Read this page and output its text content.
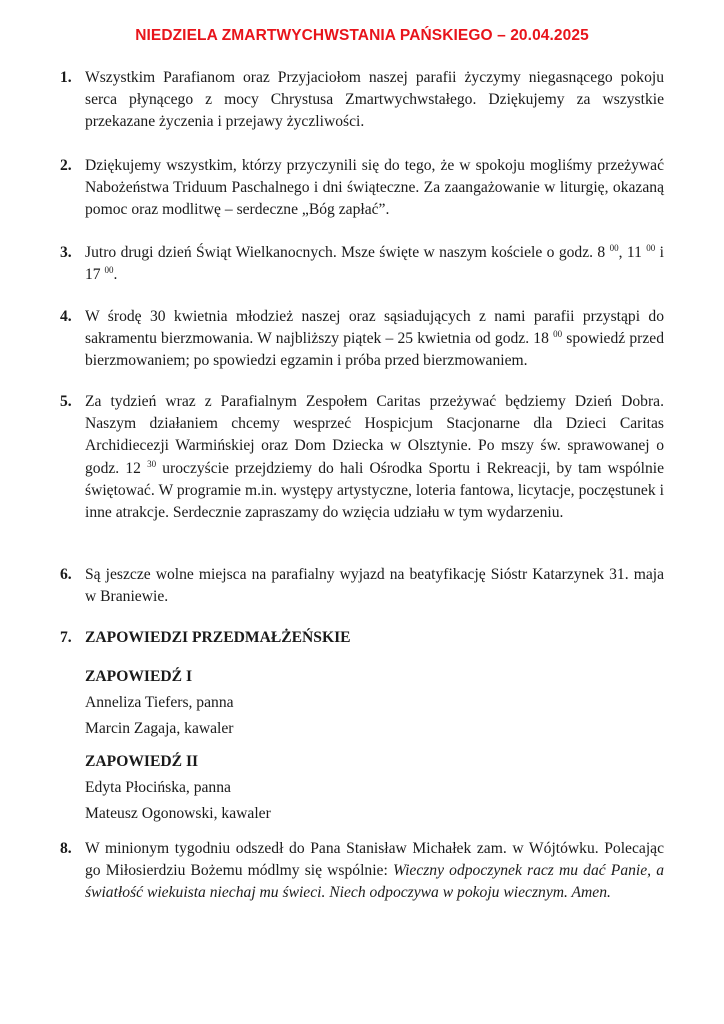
NIEDZIELA ZMARTWYCHWSTANIA PAŃSKIEGO – 20.04.2025
1. Wszystkim Parafianom oraz Przyjaciołom naszej parafii życzymy niegasnącego pokoju serca płynącego z mocy Chrystusa Zmartwychwstałego. Dziękujemy za wszystkie przekazane życzenia i przejawy życzliwości.
2. Dziękujemy wszystkim, którzy przyczynili się do tego, że w spokoju mogliśmy przeżywać Nabożeństwa Triduum Paschalnego i dni świąteczne. Za zaangażowanie w liturgię, okazaną pomoc oraz modlitwę – serdeczne „Bóg zapłać”.
3. Jutro drugi dzień Świąt Wielkanocnych. Msze święte w naszym kościele o godz. 8 $^{00}$, 11 $^{00}$ i 17 $^{00}$.
4. W środę 30 kwietnia młodzież naszej oraz sąsiadujących z nami parafii przystąpi do sakramentu bierzmowania. W najbliższy piątek – 25 kwietnia od godz. 18 $^{00}$ spowiedź przed bierzmowaniem; po spowiedzi egzamin i próba przed bierzmowaniem.
5. Za tydzień wraz z Parafialnym Zespołem Caritas przeżywać będziemy Dzień Dobra. Naszym działaniem chcemy wesprzeć Hospicjum Stacjonarne dla Dzieci Caritas Archidiecezji Warmińskiej oraz Dom Dziecka w Olsztynie. Po mszy św. sprawowanej o godz. 12 $^{30}$ uroczyście przejdziemy do hali Ośrodka Sportu i Rekreacji, by tam wspólnie świętować. W programie m.in. występy artystyczne, loteria fantowa, licytacje, poczęstunek i inne atrakcje. Serdecznie zapraszamy do wzięcia udziału w tym wydarzeniu.
6. Są jeszcze wolne miejsca na parafialny wyjazd na beatyfikację Sióstr Katarzynek 31. maja w Braniewie.
7. ZAPOWIEDZI PRZEDMAŁŻEŃSKIE
ZAPOWIEDŹ I
Anneliza Tiefers, panna
Marcin Zagaja, kawaler
ZAPOWIEDŹ II
Edyta Płocińska, panna
Mateusz Ogonowski, kawaler
8. W minionym tygodniu odszedł do Pana Stanisław Michałek zam. w Wójtówku. Polecając go Miłosierdziu Bożemu módlmy się wspólnie: Wieczny odpoczynek racz mu dać Panie, a światłość wiekuista niechaj mu świeci. Niech odpoczywa w pokoju wiecznym. Amen.
